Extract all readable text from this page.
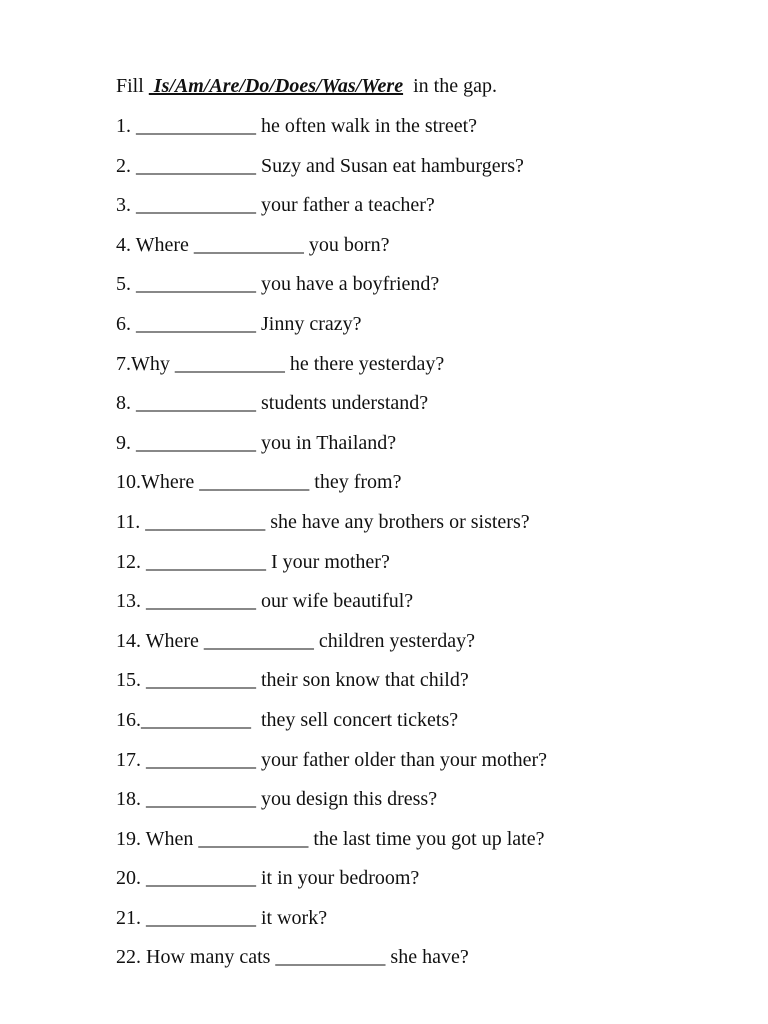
Fill  Is/Am/Are/Do/Does/Was/Were  in the gap.
1. ____________ he often walk in the street?
2. ____________ Suzy and Susan eat hamburgers?
3. ____________ your father a teacher?
4. Where ___________ you born?
5. ____________ you have a boyfriend?
6. ____________ Jinny crazy?
7.Why ___________ he there yesterday?
8. ____________ students understand?
9. ____________ you in Thailand?
10.Where ___________ they from?
11. ____________ she have any brothers or sisters?
12. ____________ I your mother?
13. ___________ our wife beautiful?
14. Where ___________ children yesterday?
15. ___________ their son know that child?
16.___________  they sell concert tickets?
17. ___________ your father older than your mother?
18. ___________ you design this dress?
19. When ___________ the last time you got up late?
20. ___________ it in your bedroom?
21. ___________ it work?
22. How many cats ___________ she have?
